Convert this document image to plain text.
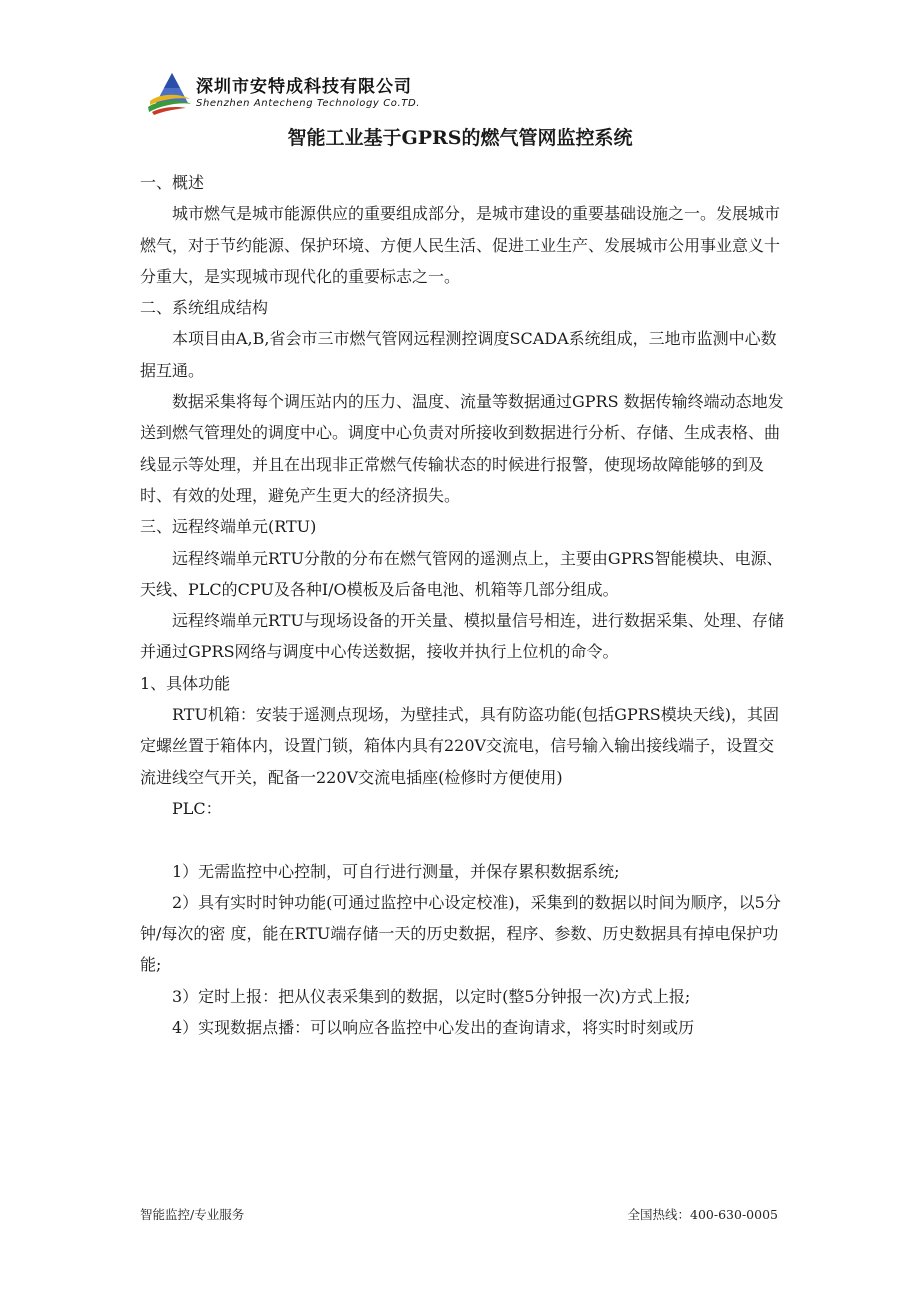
深圳市安特成科技有限公司
Shenzhen Antecheng Technology Co.TD.
智能工业基于GPRS的燃气管网监控系统

一、概述

城市燃气是城市能源供应的重要组成部分，是城市建设的重要基础设施之一。发展城市燃气，对于节约能源、保护环境、方便人民生活、促进工业生产、发展城市公用事业意义十分重大，是实现城市现代化的重要标志之一。

二、系统组成结构

本项目由A,B,省会市三市燃气管网远程测控调度SCADA系统组成，三地市监测中心数据互通。

数据采集将每个调压站内的压力、温度、流量等数据通过GPRS 数据传输终端动态地发送到燃气管理处的调度中心。调度中心负责对所接收到数据进行分析、存储、生成表格、曲线显示等处理，并且在出现非正常燃气传输状态的时候进行报警，使现场故障能够的到及时、有效的处理，避免产生更大的经济损失。

三、远程终端单元(RTU)

远程终端单元RTU分散的分布在燃气管网的遥测点上，主要由GPRS智能模块、电源、天线、PLC的CPU及各种I/O模板及后备电池、机箱等几部分组成。

远程终端单元RTU与现场设备的开关量、模拟量信号相连，进行数据采集、处理、存储并通过GPRS网络与调度中心传送数据，接收并执行上位机的命令。

1、具体功能

RTU机箱：安装于遥测点现场，为壁挂式，具有防盗功能(包括GPRS模块天线)，其固定螺丝置于箱体内，设置门锁，箱体内具有220V交流电，信号输入输出接线端子，设置交流进线空气开关，配备一220V交流电插座(检修时方便使用)

PLC：

1）无需监控中心控制，可自行进行测量，并保存累积数据系统;

2）具有实时时钟功能(可通过监控中心设定校准)，采集到的数据以时间为顺序，以5分钟/每次的密 度，能在RTU端存储一天的历史数据，程序、参数、历史数据具有掉电保护功能;

3）定时上报：把从仪表采集到的数据，以定时(整5分钟报一次)方式上报;

4）实现数据点播：可以响应各监控中心发出的查询请求，将实时时刻或历

智能监控/专业服务	全国热线：400-630-0005
